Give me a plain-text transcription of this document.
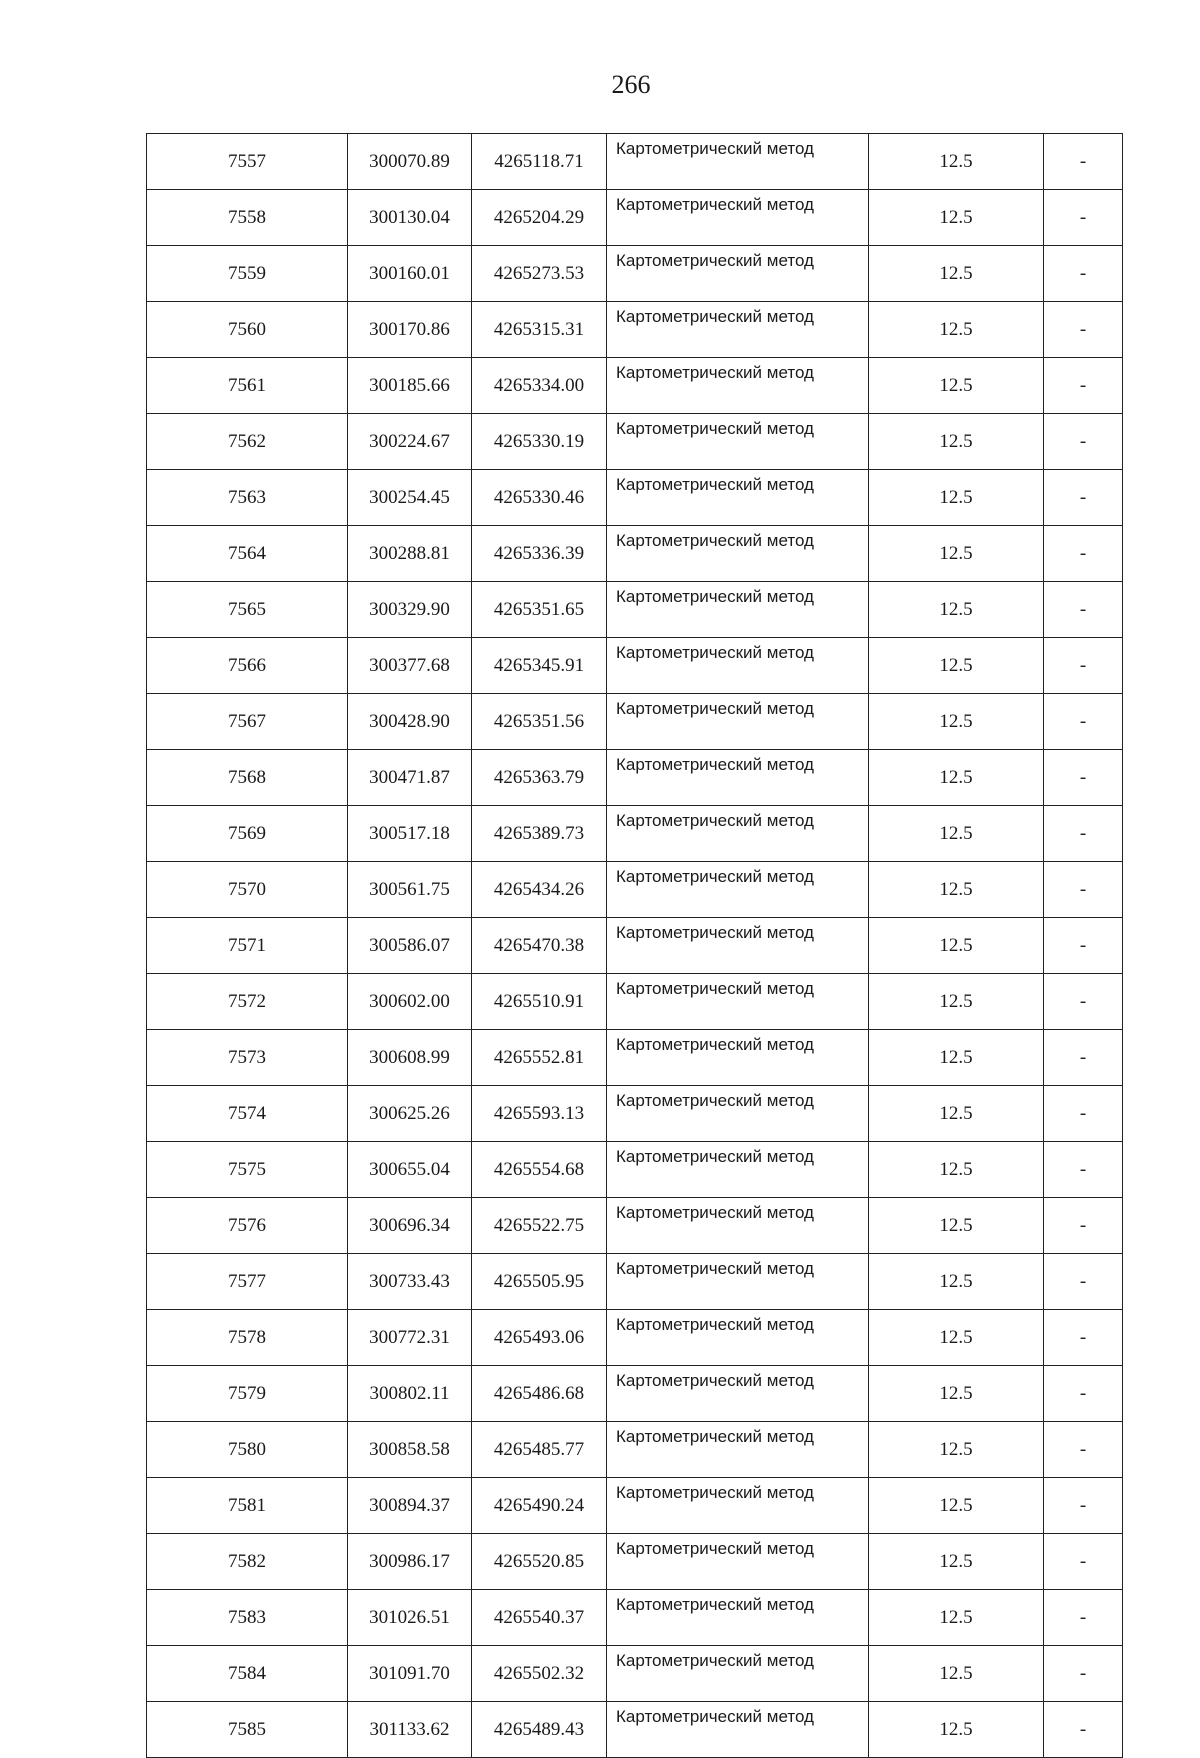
266
7557	300070.89	4265118.71	Картометрический метод	12.5	-
7558	300130.04	4265204.29	Картометрический метод	12.5	-
7559	300160.01	4265273.53	Картометрический метод	12.5	-
7560	300170.86	4265315.31	Картометрический метод	12.5	-
7561	300185.66	4265334.00	Картометрический метод	12.5	-
7562	300224.67	4265330.19	Картометрический метод	12.5	-
7563	300254.45	4265330.46	Картометрический метод	12.5	-
7564	300288.81	4265336.39	Картометрический метод	12.5	-
7565	300329.90	4265351.65	Картометрический метод	12.5	-
7566	300377.68	4265345.91	Картометрический метод	12.5	-
7567	300428.90	4265351.56	Картометрический метод	12.5	-
7568	300471.87	4265363.79	Картометрический метод	12.5	-
7569	300517.18	4265389.73	Картометрический метод	12.5	-
7570	300561.75	4265434.26	Картометрический метод	12.5	-
7571	300586.07	4265470.38	Картометрический метод	12.5	-
7572	300602.00	4265510.91	Картометрический метод	12.5	-
7573	300608.99	4265552.81	Картометрический метод	12.5	-
7574	300625.26	4265593.13	Картометрический метод	12.5	-
7575	300655.04	4265554.68	Картометрический метод	12.5	-
7576	300696.34	4265522.75	Картометрический метод	12.5	-
7577	300733.43	4265505.95	Картометрический метод	12.5	-
7578	300772.31	4265493.06	Картометрический метод	12.5	-
7579	300802.11	4265486.68	Картометрический метод	12.5	-
7580	300858.58	4265485.77	Картометрический метод	12.5	-
7581	300894.37	4265490.24	Картометрический метод	12.5	-
7582	300986.17	4265520.85	Картометрический метод	12.5	-
7583	301026.51	4265540.37	Картометрический метод	12.5	-
7584	301091.70	4265502.32	Картометрический метод	12.5	-
7585	301133.62	4265489.43	Картометрический метод	12.5	-
